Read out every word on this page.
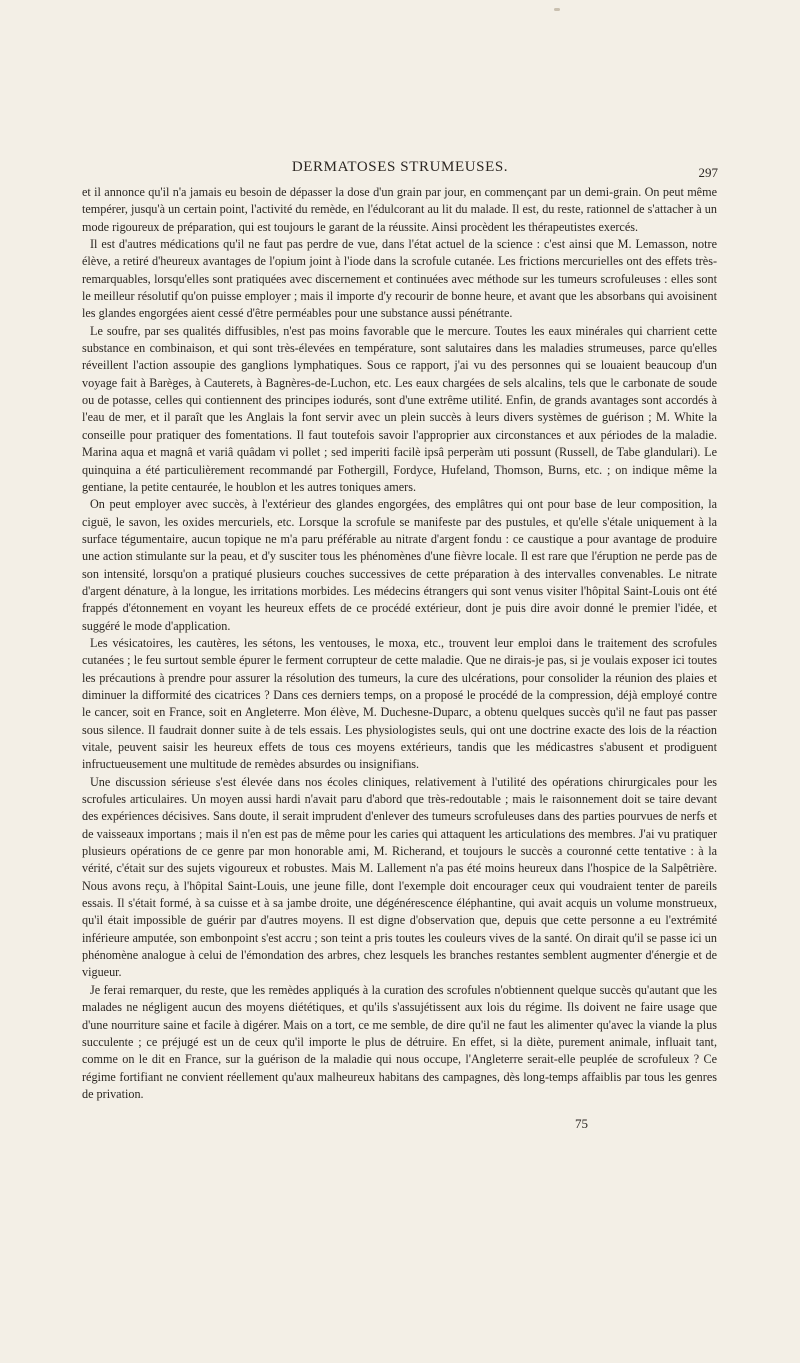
DERMATOSES STRUMEUSES.	297

et il annonce qu'il n'a jamais eu besoin de dépasser la dose d'un grain par jour, en commençant par un demi-grain. On peut même tempérer, jusqu'à un certain point, l'activité du remède, en l'édulcorant au lit du malade. Il est, du reste, rationnel de s'attacher à un mode rigoureux de préparation, qui est toujours le garant de la réussite. Ainsi procèdent les thérapeutistes exercés.

Il est d'autres médications qu'il ne faut pas perdre de vue, dans l'état actuel de la science : c'est ainsi que M. Lemasson, notre élève, a retiré d'heureux avantages de l'opium joint à l'iode dans la scrofule cutanée. Les frictions mercurielles ont des effets très-remarquables, lorsqu'elles sont pratiquées avec discernement et continuées avec méthode sur les tumeurs scrofuleuses : elles sont le meilleur résolutif qu'on puisse employer ; mais il importe d'y recourir de bonne heure, et avant que les absorbans qui avoisinent les glandes engorgées aient cessé d'être perméables pour une substance aussi pénétrante.

Le soufre, par ses qualités diffusibles, n'est pas moins favorable que le mercure. Toutes les eaux minérales qui charrient cette substance en combinaison, et qui sont très-élevées en température, sont salutaires dans les maladies strumeuses, parce qu'elles réveillent l'action assoupie des ganglions lymphatiques. Sous ce rapport, j'ai vu des personnes qui se louaient beaucoup d'un voyage fait à Barèges, à Cauterets, à Bagnères-de-Luchon, etc. Les eaux chargées de sels alcalins, tels que le carbonate de soude ou de potasse, celles qui contiennent des principes iodurés, sont d'une extrême utilité. Enfin, de grands avantages sont accordés à l'eau de mer, et il paraît que les Anglais la font servir avec un plein succès à leurs divers systèmes de guérison ; M. White la conseille pour pratiquer des fomentations. Il faut toutefois savoir l'approprier aux circonstances et aux périodes de la maladie. Marina aqua et magnâ et variâ quâdam vi pollet ; sed imperiti facilè ipsâ perperàm uti possunt (Russell, de Tabe glandulari). Le quinquina a été particulièrement recommandé par Fothergill, Fordyce, Hufeland, Thomson, Burns, etc. ; on indique même la gentiane, la petite centaurée, le houblon et les autres toniques amers.

On peut employer avec succès, à l'extérieur des glandes engorgées, des emplâtres qui ont pour base de leur composition, la ciguë, le savon, les oxides mercuriels, etc. Lorsque la scrofule se manifeste par des pustules, et qu'elle s'étale uniquement à la surface tégumentaire, aucun topique ne m'a paru préférable au nitrate d'argent fondu : ce caustique a pour avantage de produire une action stimulante sur la peau, et d'y susciter tous les phénomènes d'une fièvre locale. Il est rare que l'éruption ne perde pas de son intensité, lorsqu'on a pratiqué plusieurs couches successives de cette préparation à des intervalles convenables. Le nitrate d'argent dénature, à la longue, les irritations morbides. Les médecins étrangers qui sont venus visiter l'hôpital Saint-Louis ont été frappés d'étonnement en voyant les heureux effets de ce procédé extérieur, dont je puis dire avoir donné le premier l'idée, et suggéré le mode d'application.

Les vésicatoires, les cautères, les sétons, les ventouses, le moxa, etc., trouvent leur emploi dans le traitement des scrofules cutanées ; le feu surtout semble épurer le ferment corrupteur de cette maladie. Que ne dirais-je pas, si je voulais exposer ici toutes les précautions à prendre pour assurer la résolution des tumeurs, la cure des ulcérations, pour consolider la réunion des plaies et diminuer la difformité des cicatrices ? Dans ces derniers temps, on a proposé le procédé de la compression, déjà employé contre le cancer, soit en France, soit en Angleterre. Mon élève, M. Duchesne-Duparc, a obtenu quelques succès qu'il ne faut pas passer sous silence. Il faudrait donner suite à de tels essais. Les physiologistes seuls, qui ont une doctrine exacte des lois de la réaction vitale, peuvent saisir les heureux effets de tous ces moyens extérieurs, tandis que les médicastres s'abusent et prodiguent infructueusement une multitude de remèdes absurdes ou insignifians.

Une discussion sérieuse s'est élevée dans nos écoles cliniques, relativement à l'utilité des opérations chirurgicales pour les scrofules articulaires. Un moyen aussi hardi n'avait paru d'abord que très-redoutable ; mais le raisonnement doit se taire devant des expériences décisives. Sans doute, il serait imprudent d'enlever des tumeurs scrofuleuses dans des parties pourvues de nerfs et de vaisseaux importans ; mais il n'en est pas de même pour les caries qui attaquent les articulations des membres. J'ai vu pratiquer plusieurs opérations de ce genre par mon honorable ami, M. Richerand, et toujours le succès a couronné cette tentative : à la vérité, c'était sur des sujets vigoureux et robustes. Mais M. Lallement n'a pas été moins heureux dans l'hospice de la Salpêtrière. Nous avons reçu, à l'hôpital Saint-Louis, une jeune fille, dont l'exemple doit encourager ceux qui voudraient tenter de pareils essais. Il s'était formé, à sa cuisse et à sa jambe droite, une dégénérescence éléphantine, qui avait acquis un volume monstrueux, qu'il était impossible de guérir par d'autres moyens. Il est digne d'observation que, depuis que cette personne a eu l'extrémité inférieure amputée, son embonpoint s'est accru ; son teint a pris toutes les couleurs vives de la santé. On dirait qu'il se passe ici un phénomène analogue à celui de l'émondation des arbres, chez lesquels les branches restantes semblent augmenter d'énergie et de vigueur.

Je ferai remarquer, du reste, que les remèdes appliqués à la curation des scrofules n'obtiennent quelque succès qu'autant que les malades ne négligent aucun des moyens diététiques, et qu'ils s'assujétissent aux lois du régime. Ils doivent ne faire usage que d'une nourriture saine et facile à digérer. Mais on a tort, ce me semble, de dire qu'il ne faut les alimenter qu'avec la viande la plus succulente ; ce préjugé est un de ceux qu'il importe le plus de détruire. En effet, si la diète, purement animale, influait tant, comme on le dit en France, sur la guérison de la maladie qui nous occupe, l'Angleterre serait-elle peuplée de scrofuleux ? Ce régime fortifiant ne convient réellement qu'aux malheureux habitans des campagnes, dès long-temps affaiblis par tous les genres de privation.

75
